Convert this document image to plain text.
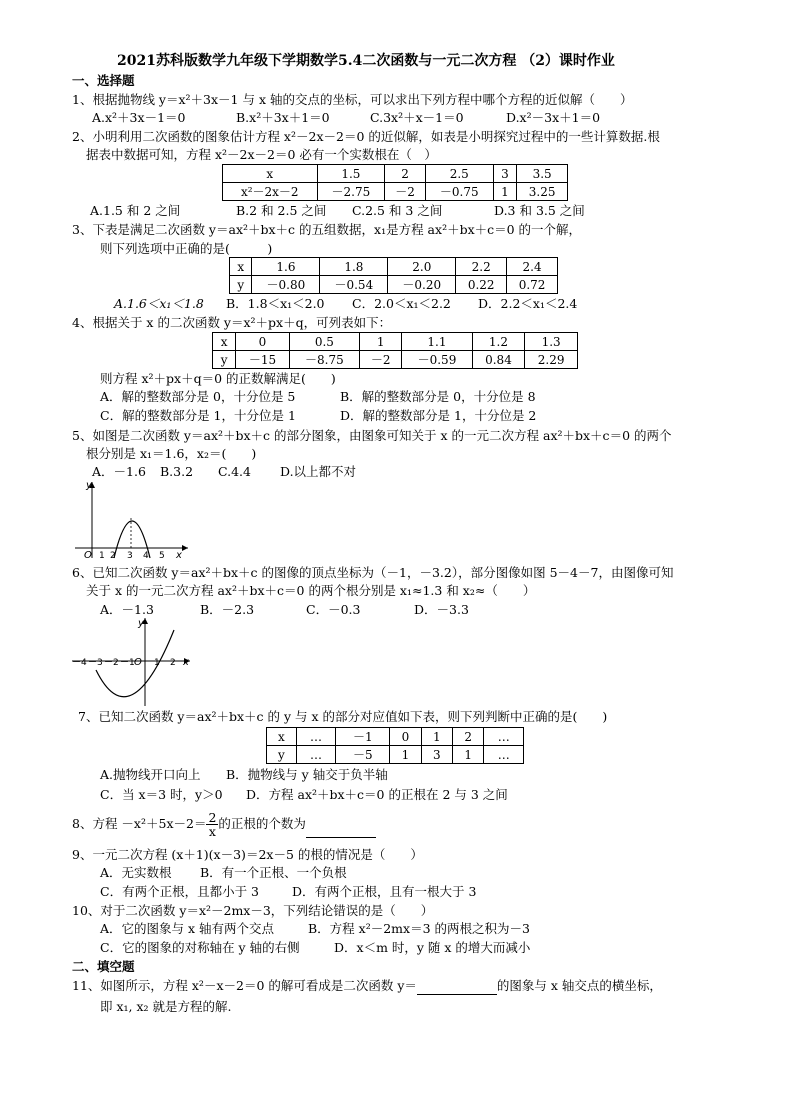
2021苏科版数学九年级下学期数学5.4二次函数与一元二次方程 （2）课时作业
一、选择题
1、根据抛物线 y＝x²＋3x－1 与 x 轴的交点的坐标，可以求出下列方程中哪个方程的近似解（　　）
A.x²＋3x－1＝0	B.x²＋3x＋1＝0	C.3x²＋x－1＝0	D.x²－3x＋1＝0
2、小明利用二次函数的图象估计方程 x²－2x－2＝0 的近似解，如表是小明探究过程中的一些计算数据.根
据表中数据可知，方程 x²－2x－2＝0 必有一个实数根在（　）
x	1.5	2	2.5	3	3.5
x²－2x－2	－2.75	－2	－0.75	1	3.25
A.1.5 和 2 之间	B.2 和 2.5 之间 C.2.5 和 3 之间	D.3 和 3.5 之间
3、下表是满足二次函数 y＝ax²＋bx＋c 的五组数据，x₁是方程 ax²＋bx＋c＝0 的一个解，
则下列选项中正确的是(　　　)
x	1.6	1.8	2.0	2.2	2.4
y	－0.80	－0.54	－0.20	0.22	0.72
A.1.6＜x₁＜1.8 B．1.8＜x₁＜2.0 C．2.0＜x₁＜2.2 D．2.2＜x₁＜2.4
4、根据关于 x 的二次函数 y＝x²＋px＋q，可列表如下：
x	0	0.5	1	1.1	1.2	1.3
y	－15	－8.75	－2	－0.59	0.84	2.29
则方程 x²＋px＋q＝0 的正数解满足(　　)
A．解的整数部分是 0，十分位是 5	B．解的整数部分是 0，十分位是 8
C．解的整数部分是 1，十分位是 1	D．解的整数部分是 1，十分位是 2
5、如图是二次函数 y＝ax²＋bx＋c 的部分图象，由图象可知关于 x 的一元二次方程 ax²＋bx＋c＝0 的两个
根分别是 x₁＝1.6，x₂＝(　　)
A．－1.6 B.3.2 C.4.4 D.以上都不对
y
O 1 2 3 4 5 x
6、已知二次函数 y＝ax²＋bx＋c 的图像的顶点坐标为（－1，－3.2），部分图像如图 5－4－7，由图像可知
关于 x 的一元二次方程 ax²＋bx＋c＝0 的两个根分别是 x₁≈1.3 和 x₂≈（　　）
A．－1.3	B．－2.3	C．－0.3	D．－3.3
y
－4 －3 －2 －1 O 1 2 x
7、已知二次函数 y＝ax²＋bx＋c 的 y 与 x 的部分对应值如下表，则下列判断中正确的是(　　)
x	…	－1	0	1	2	…
y	…	－5	1	3	1	…
A.抛物线开口向上 B．抛物线与 y 轴交于负半轴
C．当 x＝3 时，y＞0 D．方程 ax²＋bx＋c＝0 的正根在 2 与 3 之间
8、方程 $-x^2+5x-2= \frac{2}{x}$ 的正根的个数为
9、一元二次方程 (x＋1)(x－3)＝2x－5 的根的情况是（　　）
A．无实数根 B．有一个正根、一个负根
C．有两个正根，且都小于 3	D．有两个正根，且有一根大于 3
10、对于二次函数 y＝x²－2mx－3，下列结论错误的是（　　）
A．它的图象与 x 轴有两个交点	B．方程 x²－2mx＝3 的两根之积为－3
C．它的图象的对称轴在 y 轴的右侧	D．x＜m 时，y 随 x 的增大而减小
二、填空题
11、如图所示，方程 x²－x－2＝0 的解可看成是二次函数 y＝	的图象与 x 轴交点的横坐标，
即 x₁, x₂ 就是方程的解.
